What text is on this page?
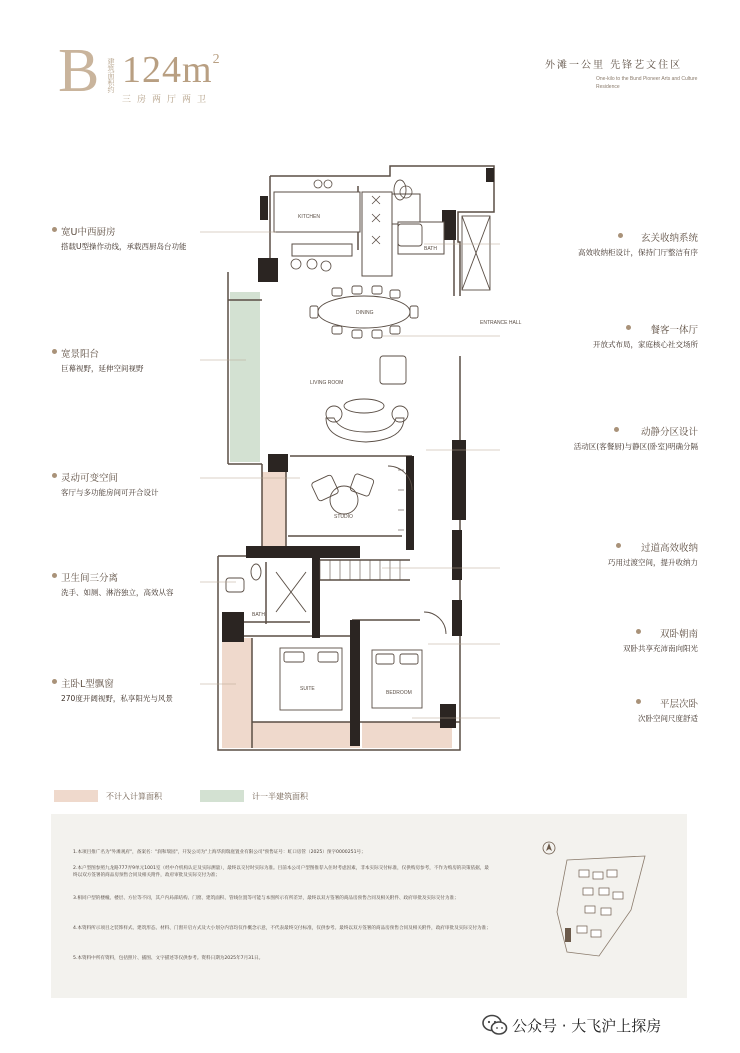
B	建筑面积约 $124m^2$
三房两厅两卫
外滩一公里 先锋艺文住区
One-kilo to the Bund Pioneer Arts and Culture Residence
KITCHEN
BATH
ENTRANCE HALL
DINING
LIVING ROOM
STUDIO
BATH
SUITE
BEDROOM
宽U中西厨房
搭载U型操作动线，承载西厨岛台功能
宽景阳台
巨幕视野，延伸空间视野
灵动可变空间
客厅与多功能房间可开合设计
卫生间三分离
洗手、如厕、淋浴独立，高效从容
主卧L型飘窗
270度开阔视野，私享阳光与风景
玄关收纳系统
高效收纳柜设计，保持门厅整洁有序
餐客一体厅
开放式布局，家庭核心社交场所
动静分区设计
活动区(客餐厨)与静区(卧室)明确分隔
过道高效收纳
巧用过渡空间，提升收纳力
双卧朝南
双卧共享充沛南向阳光
平层次卧
次卧空间尺度舒适
不计入计算面积	计一半建筑面积
1.本项目推广名为"外滩观府"，备案名："润和瑞园"，开发公司为"上海华润瑞庭置业有限公司"预售证号：虹口房管（2025）预字0000251号；
2.本户型图参照九龙路777弄9单元1001室（经中介机构认定及实际测量），最终以交付时实际为准。目前本公司户型图推荐入住时考虑因素，非本实际交付标准，仅供购房参考，不作为购房的决策依据，最终以双方签署的商品房预售合同及相关附件，政府审批及实际交付为准；
3.相同户型的楼幢、楼层、方位等不同，其户内局部结构、门窗、建筑面积、管线位置等可能与本图所示有所差异，最终以双方签署的商品房预售合同及相关附件、政府审批及实际交付为准；
4.本资料所示项目之装饰样式、建筑形态、材料、门窗开启方式及大小划分内容均仅作概念示意，不代表最终交付标准，仅供参考。最终以双方签署的商品房预售合同及相关附件，政府审批及实际交付为准；
5.本资料中所有资料，包括照片、插图、文字描述等仅供参考。资料日期为2025年7月31日。
公众号 · 大飞沪上探房
